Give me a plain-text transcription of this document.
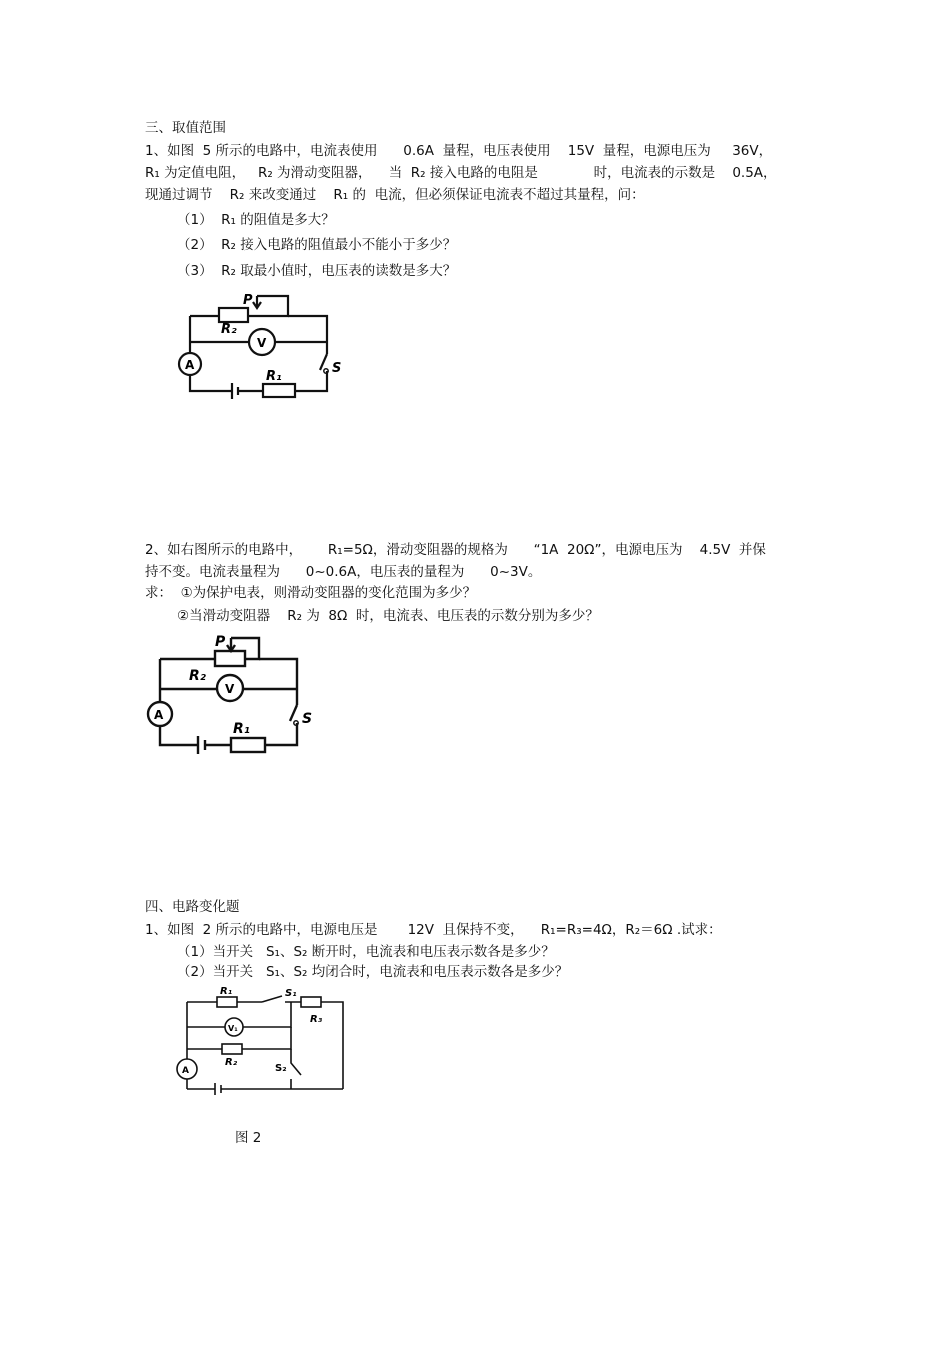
三、取值范围
1、如图  5 所示的电路中，电流表使用      0.6A  量程，电压表使用    15V  量程，电源电压为     36V，
R₁ 为定值电阻，   R₂ 为滑动变阻器，    当  R₂ 接入电路的电阻是             时，电流表的示数是    0.5A，
现通过调节    R₂ 来改变通过    R₁ 的  电流，但必须保证电流表不超过其量程，问：
（1）  R₁ 的阻值是多大？
（2）  R₂ 接入电路的阻值最小不能小于多少？
（3）  R₂ 取最小值时，电压表的读数是多大？
P
R₂
V
A
R₁
S
2、如右图所示的电路中，      R₁=5Ω，滑动变阻器的规格为      “1A  20Ω”，电源电压为    4.5V  并保
持不变。电流表量程为      0~0.6A，电压表的量程为      0~3V。
求：  ①为保护电表，则滑动变阻器的变化范围为多少？
②当滑动变阻器    R₂ 为  8Ω  时，电流表、电压表的示数分别为多少？
P
R₂
V
A
R₁
S
四、电路变化题
1、如图  2 所示的电路中，电源电压是       12V  且保持不变，    R₁=R₃=4Ω，R₂＝6Ω .试求：
（1）当开关   S₁、S₂ 断开时，电流表和电压表示数各是多少？
（2）当开关   S₁、S₂ 均闭合时，电流表和电压表示数各是多少？
R₁	S₁
R₃
V₁
R₂
S₂
A
图 2
